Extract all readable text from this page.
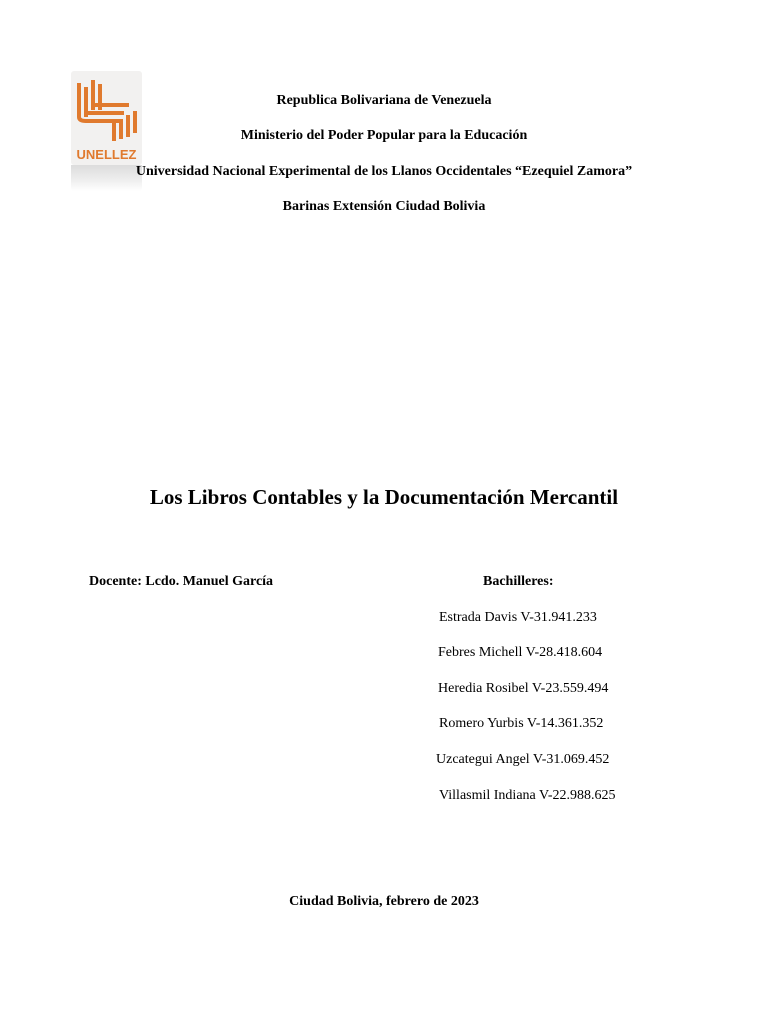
UNELLEZ
Republica Bolivariana de Venezuela
Ministerio del Poder Popular para la Educación
Universidad Nacional Experimental de los Llanos Occidentales “Ezequiel Zamora”
Barinas Extensión Ciudad Bolivia
Los Libros Contables y la Documentación Mercantil
Docente: Lcdo. Manuel García	Bachilleres:
Estrada Davis V-31.941.233
Febres Michell V-28.418.604
Heredia Rosibel V-23.559.494
Romero Yurbis V-14.361.352
Uzcategui Angel V-31.069.452
Villasmil Indiana V-22.988.625
Ciudad Bolivia, febrero de 2023
